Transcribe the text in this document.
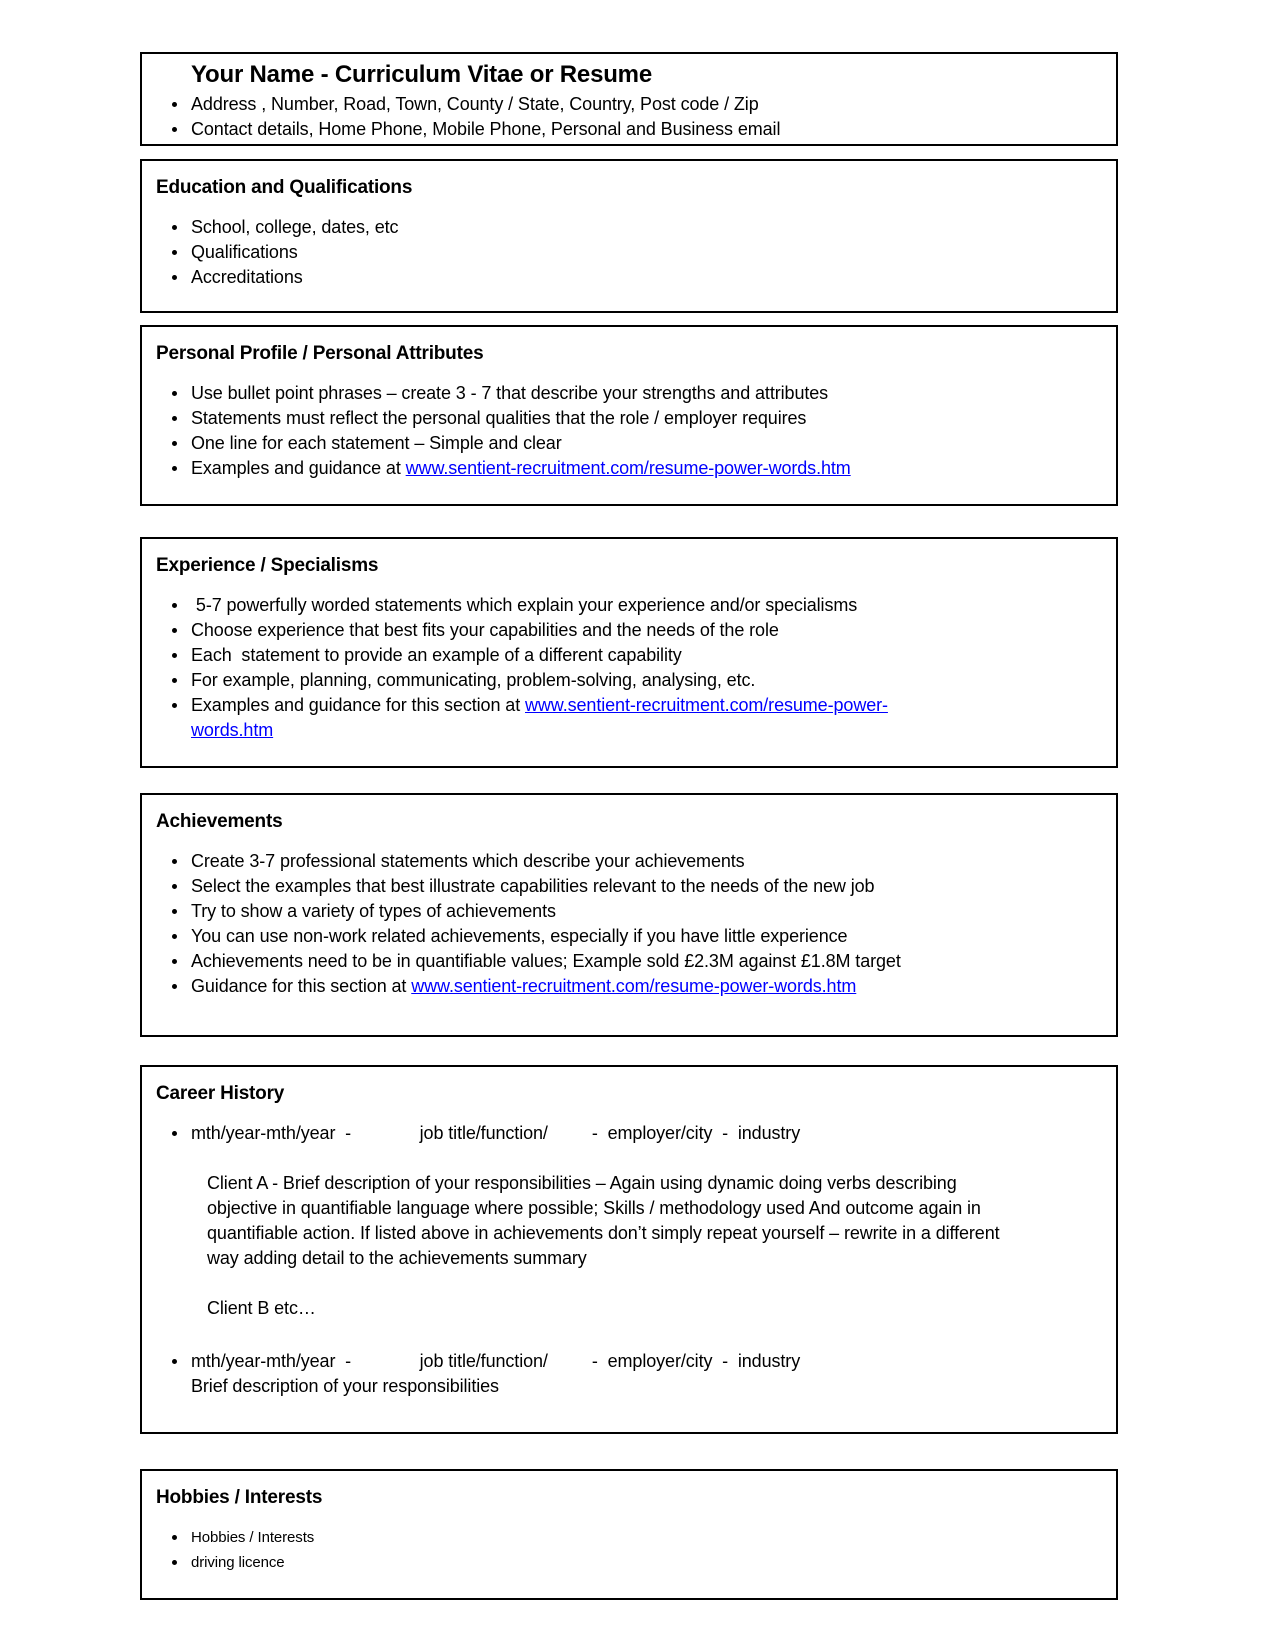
Your Name - Curriculum Vitae or Resume
Address , Number, Road, Town, County / State, Country, Post code / Zip
Contact details, Home Phone, Mobile Phone, Personal and Business email
Education and Qualifications
School, college, dates, etc
Qualifications
Accreditations
Personal Profile / Personal Attributes
Use bullet point phrases – create 3 - 7 that describe your strengths and attributes
Statements must reflect the personal qualities that the role / employer requires
One line for each statement – Simple and clear
Examples and guidance at www.sentient-recruitment.com/resume-power-words.htm
Experience / Specialisms
5-7 powerfully worded statements which explain your experience and/or specialisms
Choose experience that best fits your capabilities and the needs of the role
Each  statement to provide an example of a different capability
For example, planning, communicating, problem-solving, analysing, etc.
Examples and guidance for this section at www.sentient-recruitment.com/resume-power-
words.htm
Achievements
Create 3-7 professional statements which describe your achievements
Select the examples that best illustrate capabilities relevant to the needs of the new job
Try to show a variety of types of achievements
You can use non-work related achievements, especially if you have little experience
Achievements need to be in quantifiable values; Example sold £2.3M against £1.8M target
Guidance for this section at www.sentient-recruitment.com/resume-power-words.htm
Career History
mth/year-mth/year  -              job title/function/         -  employer/city  -  industry
Client A - Brief description of your responsibilities – Again using dynamic doing verbs describing objective in quantifiable language where possible; Skills / methodology used And outcome again in quantifiable action. If listed above in achievements don’t simply repeat yourself – rewrite in a different way adding detail to the achievements summary
Client B etc…
mth/year-mth/year  -              job title/function/         -  employer/city  -  industry
Brief description of your responsibilities
Hobbies / Interests
Hobbies / Interests
driving licence
